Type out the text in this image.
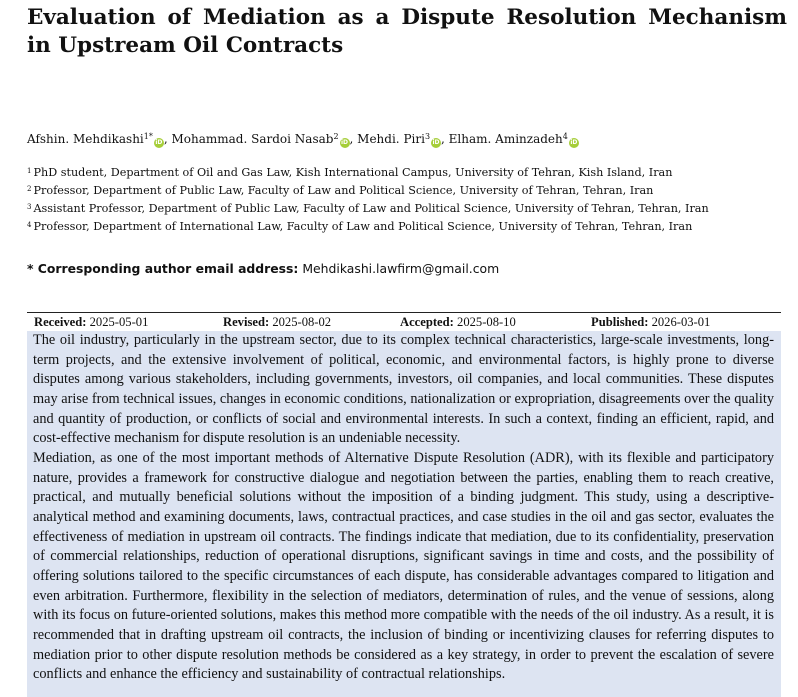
Evaluation of Mediation as a Dispute Resolution Mechanism in Upstream Oil Contracts
Afshin. Mehdikashi$^{1*}$iD, Mohammad. Sardoi Nasab$^2$iD, Mehdi. Piri$^3$iD, Elham. Aminzadeh$^4$iD
$^1$ PhD student, Department of Oil and Gas Law, Kish International Campus, University of Tehran, Kish Island, Iran
$^2$ Professor, Department of Public Law, Faculty of Law and Political Science, University of Tehran, Tehran, Iran
$^3$ Assistant Professor, Department of Public Law, Faculty of Law and Political Science, University of Tehran, Tehran, Iran
$^4$ Professor, Department of International Law, Faculty of Law and Political Science, University of Tehran, Tehran, Iran
* Corresponding author email address: Mehdikashi.lawfirm@gmail.com
Received: 2025-05-01	Revised: 2025-08-02	Accepted: 2025-08-10	Published: 2026-03-01

The oil industry, particularly in the upstream sector, due to its complex technical characteristics, large-scale investments, long-term projects, and the extensive involvement of political, economic, and environmental factors, is highly prone to diverse disputes among various stakeholders, including governments, investors, oil companies, and local communities. These disputes may arise from technical issues, changes in economic conditions, nationalization or expropriation, disagreements over the quality and quantity of production, or conflicts of social and environmental interests. In such a context, finding an efficient, rapid, and cost-effective mechanism for dispute resolution is an undeniable necessity.

Mediation, as one of the most important methods of Alternative Dispute Resolution (ADR), with its flexible and participatory nature, provides a framework for constructive dialogue and negotiation between the parties, enabling them to reach creative, practical, and mutually beneficial solutions without the imposition of a binding judgment. This study, using a descriptive-analytical method and examining documents, laws, contractual practices, and case studies in the oil and gas sector, evaluates the effectiveness of mediation in upstream oil contracts. The findings indicate that mediation, due to its confidentiality, preservation of commercial relationships, reduction of operational disruptions, significant savings in time and costs, and the possibility of offering solutions tailored to the specific circumstances of each dispute, has considerable advantages compared to litigation and even arbitration. Furthermore, flexibility in the selection of mediators, determination of rules, and the venue of sessions, along with its focus on future-oriented solutions, makes this method more compatible with the needs of the oil industry. As a result, it is recommended that in drafting upstream oil contracts, the inclusion of binding or incentivizing clauses for referring disputes to mediation prior to other dispute resolution methods be considered as a key strategy, in order to prevent the escalation of severe conflicts and enhance the efficiency and sustainability of contractual relationships.
